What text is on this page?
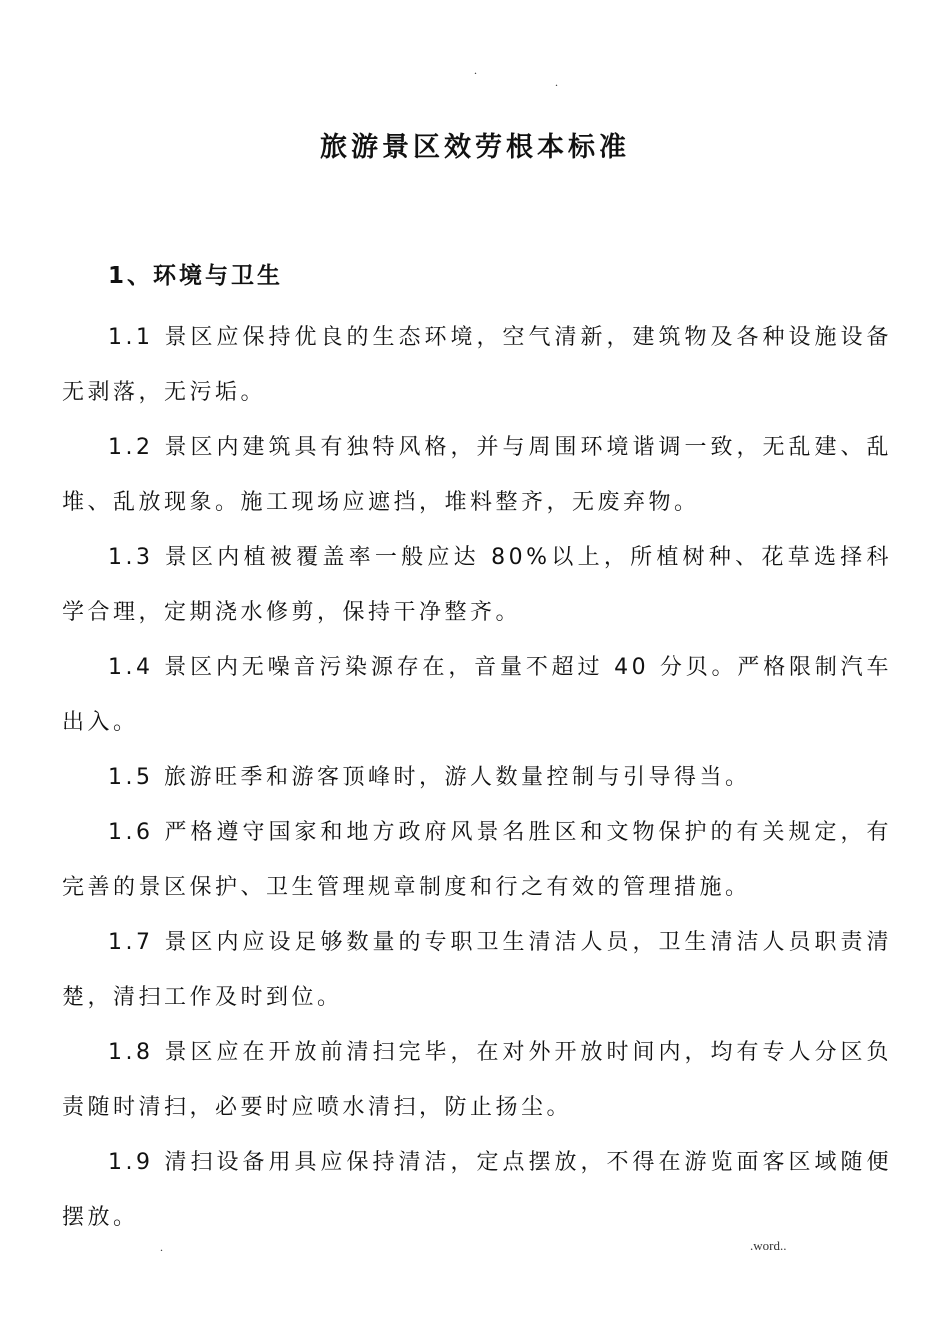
.
.
旅游景区效劳根本标准
1、环境与卫生

1.1 景区应保持优良的生态环境，空气清新，建筑物及各种设施设备无剥落，无污垢。

1.2 景区内建筑具有独特风格，并与周围环境谐调一致，无乱建、乱堆、乱放现象。施工现场应遮挡，堆料整齐，无废弃物。

1.3 景区内植被覆盖率一般应达 80%以上，所植树种、花草选择科学合理，定期浇水修剪，保持干净整齐。

1.4 景区内无噪音污染源存在，音量不超过 40 分贝。严格限制汽车出入。

1.5 旅游旺季和游客顶峰时，游人数量控制与引导得当。

1.6 严格遵守国家和地方政府风景名胜区和文物保护的有关规定，有完善的景区保护、卫生管理规章制度和行之有效的管理措施。

1.7 景区内应设足够数量的专职卫生清洁人员，卫生清洁人员职责清楚，清扫工作及时到位。

1.8 景区应在开放前清扫完毕，在对外开放时间内，均有专人分区负责随时清扫，必要时应喷水清扫，防止扬尘。

1.9 清扫设备用具应保持清洁，定点摆放，不得在游览面客区域随便摆放。

.	.word..
